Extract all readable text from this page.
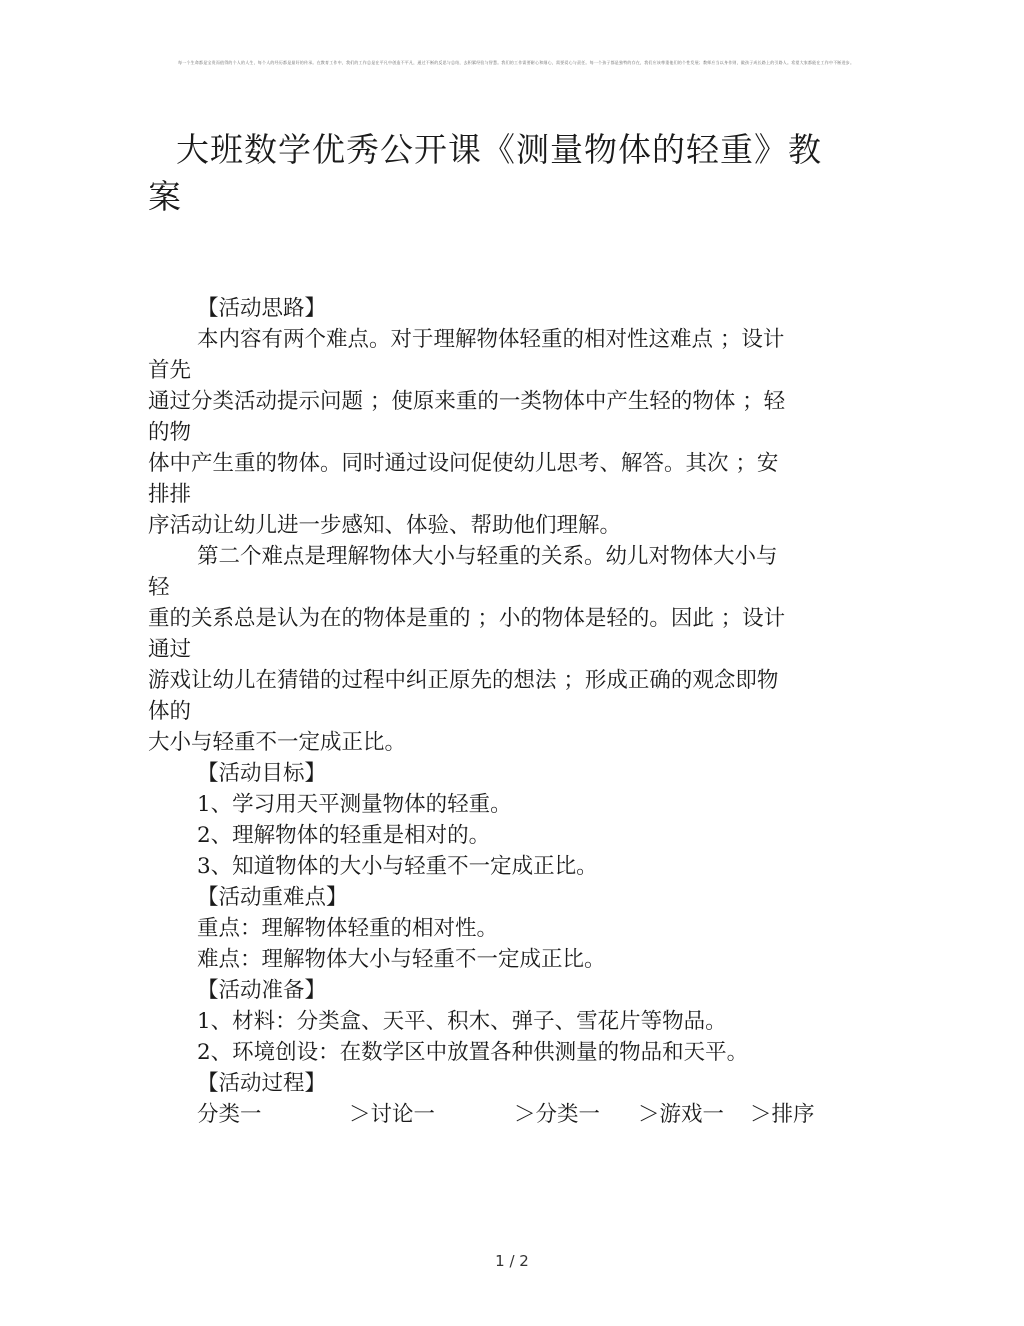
每一个生命都是宝贵而值得的个人的人生，每个人的经历都是最好的传承。在教育工作中，我们的工作总是在平凡中创造不平凡，通过不断的反思与总结，去积累经验与智慧。我们的工作需要耐心和细心，需要爱心与责任。每一个孩子都是独特的存在，我们应该尊重他们的个性发展；教师应当以身作则，做孩子成长路上的引路人。希望大家都能在工作中不断进步。
大班数学优秀公开课《测量物体的轻重》教案
【活动思路】
本内容有两个难点。对于理解物体轻重的相对性这难点 ；设计
首先
通过分类活动提示问题 ；使原来重的一类物体中产生轻的物体 ；轻
的物
体中产生重的物体。同时通过设问促使幼儿思考、解答。其次 ；安
排排
序活动让幼儿进一步感知、体验、帮助他们理解。
第二个难点是理解物体大小与轻重的关系。幼儿对物体大小与
轻
重的关系总是认为在的物体是重的 ；小的物体是轻的。因此 ；设计
通过
游戏让幼儿在猜错的过程中纠正原先的想法 ；形成正确的观念即物
体的
大小与轻重不一定成正比。
【活动目标】
1、学习用天平测量物体的轻重。
2、理解物体的轻重是相对的。
3、知道物体的大小与轻重不一定成正比。
【活动重难点】
重点：理解物体轻重的相对性。
难点：理解物体大小与轻重不一定成正比。
【活动准备】
1、材料：分类盒、天平、积木、弹子、雪花片等物品。
2、环境创设：在数学区中放置各种供测量的物品和天平。
【活动过程】
分类一	＞讨论一	＞分类一	＞游戏一	＞排序
1 / 2
